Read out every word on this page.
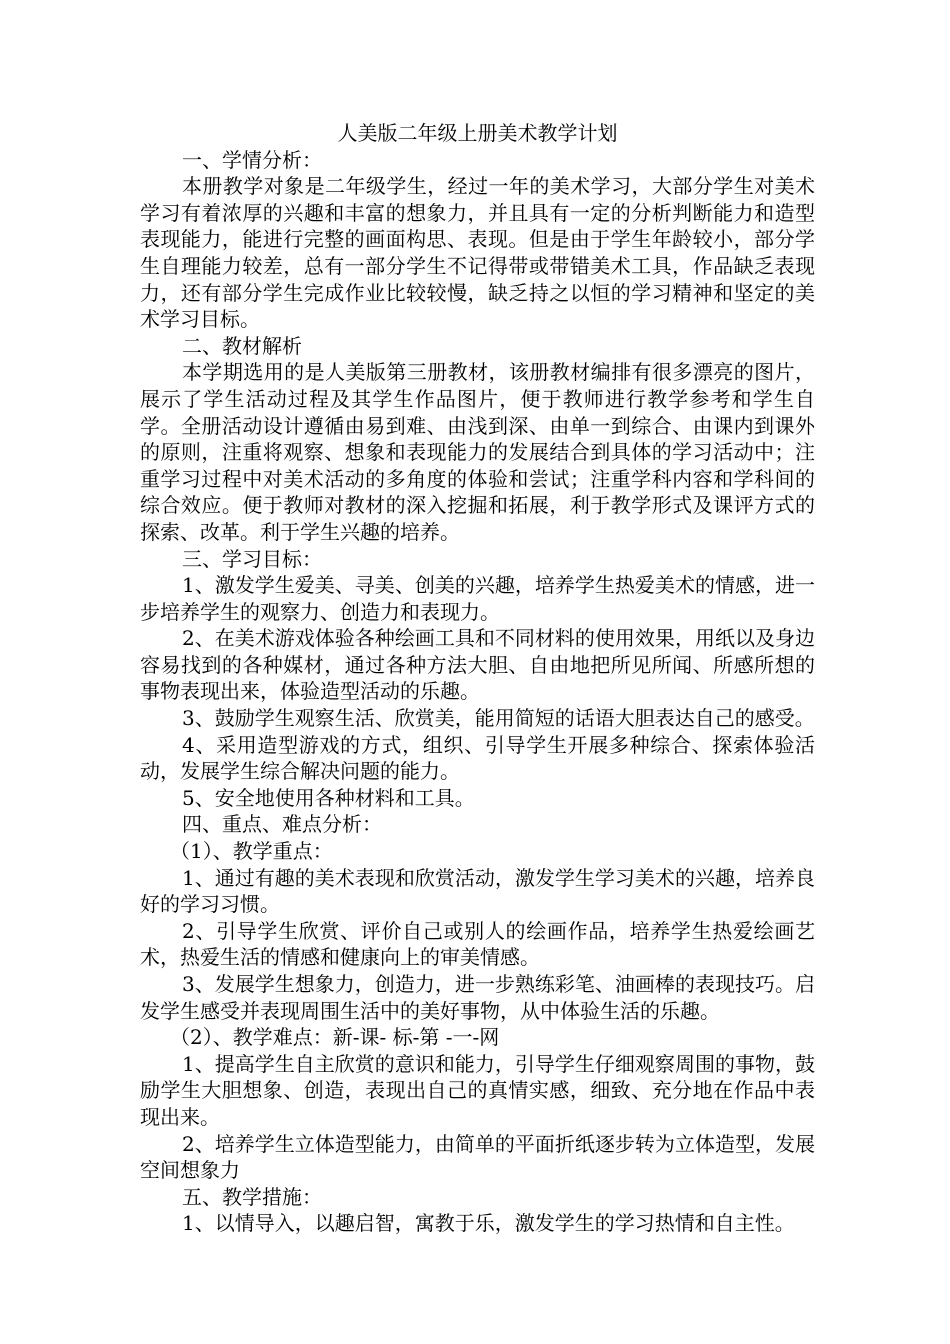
人美版二年级上册美术教学计划

一、学情分析：

本册教学对象是二年级学生，经过一年的美术学习，大部分学生对美术学习有着浓厚的兴趣和丰富的想象力，并且具有一定的分析判断能力和造型表现能力，能进行完整的画面构思、表现。但是由于学生年龄较小，部分学生自理能力较差，总有一部分学生不记得带或带错美术工具，作品缺乏表现力，还有部分学生完成作业比较较慢，缺乏持之以恒的学习精神和坚定的美术学习目标。

二、教材解析

本学期选用的是人美版第三册教材，该册教材编排有很多漂亮的图片，展示了学生活动过程及其学生作品图片，便于教师进行教学参考和学生自学。全册活动设计遵循由易到难、由浅到深、由单一到综合、由课内到课外的原则，注重将观察、想象和表现能力的发展结合到具体的学习活动中；注重学习过程中对美术活动的多角度的体验和尝试；注重学科内容和学科间的综合效应。便于教师对教材的深入挖掘和拓展，利于教学形式及课评方式的探索、改革。利于学生兴趣的培养。

三、学习目标：

1、激发学生爱美、寻美、创美的兴趣，培养学生热爱美术的情感，进一步培养学生的观察力、创造力和表现力。

2、在美术游戏体验各种绘画工具和不同材料的使用效果，用纸以及身边容易找到的各种媒材，通过各种方法大胆、自由地把所见所闻、所感所想的事物表现出来，体验造型活动的乐趣。

3、鼓励学生观察生活、欣赏美，能用简短的话语大胆表达自己的感受。

4、采用造型游戏的方式，组织、引导学生开展多种综合、探索体验活动，发展学生综合解决问题的能力。

5、安全地使用各种材料和工具。

四、重点、难点分析：

（1）、教学重点：

1、通过有趣的美术表现和欣赏活动，激发学生学习美术的兴趣，培养良好的学习习惯。

2、引导学生欣赏、评价自己或别人的绘画作品，培养学生热爱绘画艺术，热爱生活的情感和健康向上的审美情感。

3、发展学生想象力，创造力，进一步熟练彩笔、油画棒的表现技巧。启发学生感受并表现周围生活中的美好事物，从中体验生活的乐趣。

（2）、教学难点：新-课- 标-第 -一-网

1、提高学生自主欣赏的意识和能力，引导学生仔细观察周围的事物，鼓励学生大胆想象、创造，表现出自己的真情实感，细致、充分地在作品中表现出来。

2、培养学生立体造型能力，由简单的平面折纸逐步转为立体造型，发展空间想象力

五、教学措施：

1、以情导入，以趣启智，寓教于乐，激发学生的学习热情和自主性。
